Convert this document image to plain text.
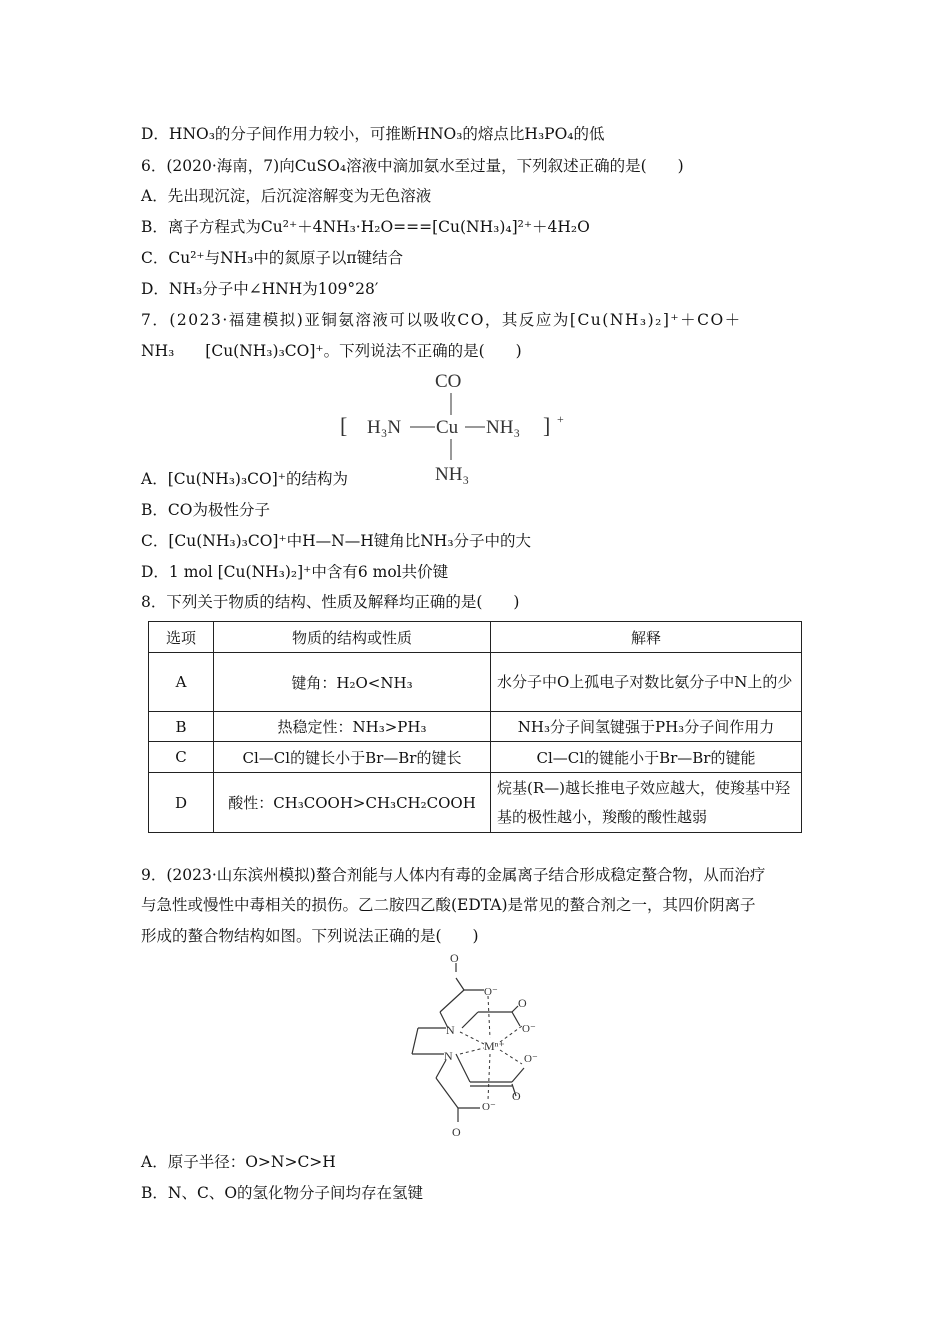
D．HNO₃的分子间作用力较小，可推断HNO₃的熔点比H₃PO₄的低
6．(2020·海南，7)向CuSO₄溶液中滴加氨水至过量，下列叙述正确的是(　　)
A．先出现沉淀，后沉淀溶解变为无色溶液
B．离子方程式为Cu²⁺＋4NH₃·H₂O===[Cu(NH₃)₄]²⁺＋4H₂O
C．Cu²⁺与NH₃中的氮原子以π键结合
D．NH₃分子中∠HNH为109°28′
7．(2023·福建模拟)亚铜氨溶液可以吸收CO，其反应为[Cu(NH₃)₂]⁺＋CO＋
NH₃　　[Cu(NH₃)₃CO]⁺。下列说法不正确的是(　　)
CO
[ H₃N Cu NH₃ ] +
NH₃
A．[Cu(NH₃)₃CO]⁺的结构为
B．CO为极性分子
C．[Cu(NH₃)₃CO]⁺中H—N—H键角比NH₃分子中的大
D．1 mol [Cu(NH₃)₂]⁺中含有6 mol共价键
8．下列关于物质的结构、性质及解释均正确的是(　　)
选项	物质的结构或性质	解释
A	键角：H₂O<NH₃	水分子中O上孤电子对数比氨分子中N上的少
B	热稳定性：NH₃>PH₃	NH₃分子间氢键强于PH₃分子间作用力
C	Cl—Cl的键长小于Br—Br的键长	Cl—Cl的键能小于Br—Br的键能
D	酸性：CH₃COOH>CH₃CH₂COOH	烷基(R—)越长推电子效应越大，使羧基中羟基的极性越小，羧酸的酸性越弱
9．(2023·山东滨州模拟)螯合剂能与人体内有毒的金属离子结合形成稳定螯合物，从而治疗
与急性或慢性中毒相关的损伤。乙二胺四乙酸(EDTA)是常见的螯合剂之一，其四价阴离子
形成的螯合物结构如图。下列说法正确的是(　　)
O
O⁻
O
O⁻
N
Mⁿ⁺
N	O⁻
O
O⁻
O
A．原子半径：O>N>C>H
B．N、C、O的氢化物分子间均存在氢键
